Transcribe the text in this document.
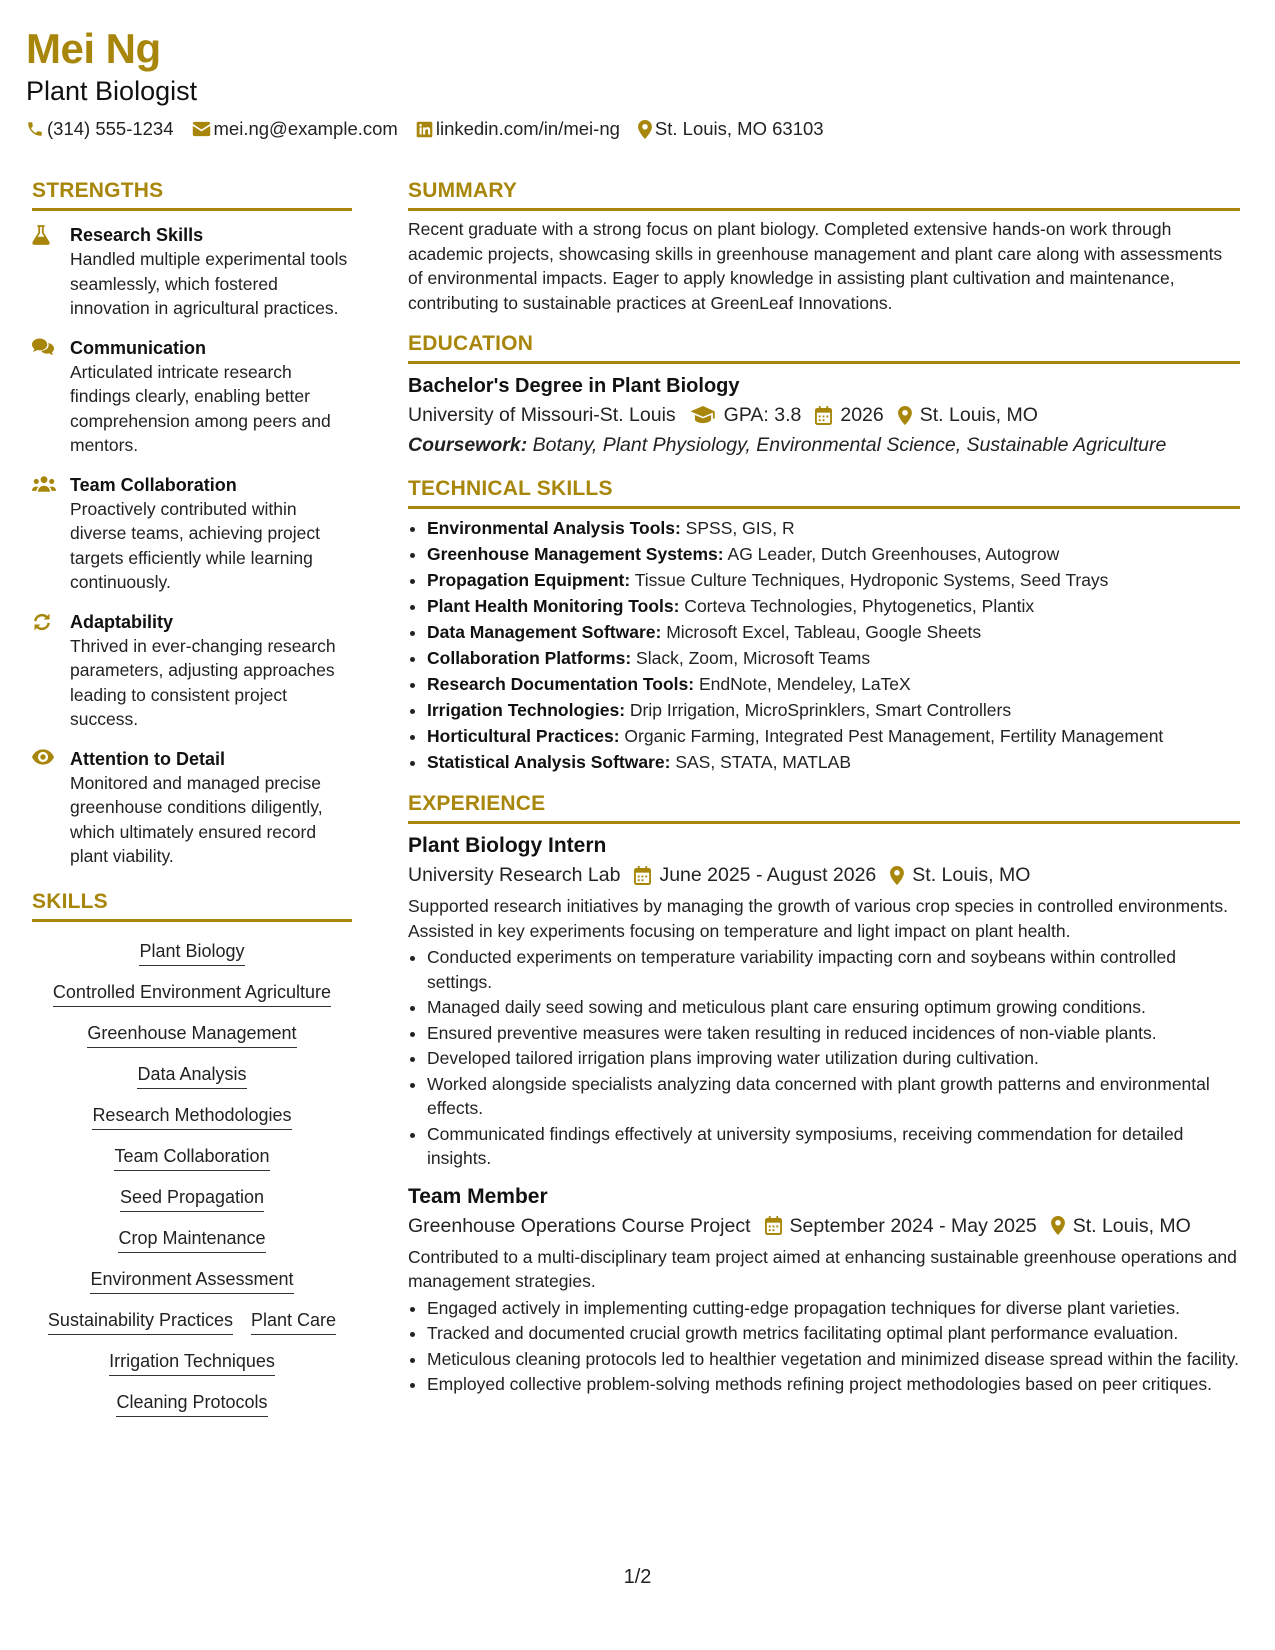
Mei Ng
Plant Biologist
(314) 555-1234 mei.ng@example.com linkedin.com/in/mei-ng St. Louis, MO 63103
STRENGTHS
Research Skills
Handled multiple experimental tools seamlessly, which fostered innovation in agricultural practices.
Communication
Articulated intricate research findings clearly, enabling better comprehension among peers and mentors.
Team Collaboration
Proactively contributed within diverse teams, achieving project targets efficiently while learning continuously.
Adaptability
Thrived in ever-changing research parameters, adjusting approaches leading to consistent project success.
Attention to Detail
Monitored and managed precise greenhouse conditions diligently, which ultimately ensured record plant viability.
SKILLS
Plant Biology
Controlled Environment Agriculture
Greenhouse Management
Data Analysis
Research Methodologies
Team Collaboration
Seed Propagation
Crop Maintenance
Environment Assessment
Sustainability Practices Plant Care
Irrigation Techniques
Cleaning Protocols
SUMMARY
Recent graduate with a strong focus on plant biology. Completed extensive hands-on work through academic projects, showcasing skills in greenhouse management and plant care along with assessments of environmental impacts. Eager to apply knowledge in assisting plant cultivation and maintenance, contributing to sustainable practices at GreenLeaf Innovations.
EDUCATION
Bachelor's Degree in Plant Biology
University of Missouri-St. Louis GPA: 3.8 2026 St. Louis, MO
Coursework: Botany, Plant Physiology, Environmental Science, Sustainable Agriculture
TECHNICAL SKILLS
• Environmental Analysis Tools: SPSS, GIS, R
• Greenhouse Management Systems: AG Leader, Dutch Greenhouses, Autogrow
• Propagation Equipment: Tissue Culture Techniques, Hydroponic Systems, Seed Trays
• Plant Health Monitoring Tools: Corteva Technologies, Phytogenetics, Plantix
• Data Management Software: Microsoft Excel, Tableau, Google Sheets
• Collaboration Platforms: Slack, Zoom, Microsoft Teams
• Research Documentation Tools: EndNote, Mendeley, LaTeX
• Irrigation Technologies: Drip Irrigation, MicroSprinklers, Smart Controllers
• Horticultural Practices: Organic Farming, Integrated Pest Management, Fertility Management
• Statistical Analysis Software: SAS, STATA, MATLAB
EXPERIENCE
Plant Biology Intern
University Research Lab June 2025 - August 2026 St. Louis, MO
Supported research initiatives by managing the growth of various crop species in controlled environments. Assisted in key experiments focusing on temperature and light impact on plant health.
• Conducted experiments on temperature variability impacting corn and soybeans within controlled settings.
• Managed daily seed sowing and meticulous plant care ensuring optimum growing conditions.
• Ensured preventive measures were taken resulting in reduced incidences of non-viable plants.
• Developed tailored irrigation plans improving water utilization during cultivation.
• Worked alongside specialists analyzing data concerned with plant growth patterns and environmental effects.
• Communicated findings effectively at university symposiums, receiving commendation for detailed insights.
Team Member
Greenhouse Operations Course Project September 2024 - May 2025 St. Louis, MO
Contributed to a multi-disciplinary team project aimed at enhancing sustainable greenhouse operations and management strategies.
• Engaged actively in implementing cutting-edge propagation techniques for diverse plant varieties.
• Tracked and documented crucial growth metrics facilitating optimal plant performance evaluation.
• Meticulous cleaning protocols led to healthier vegetation and minimized disease spread within the facility.
• Employed collective problem-solving methods refining project methodologies based on peer critiques.
1/2
